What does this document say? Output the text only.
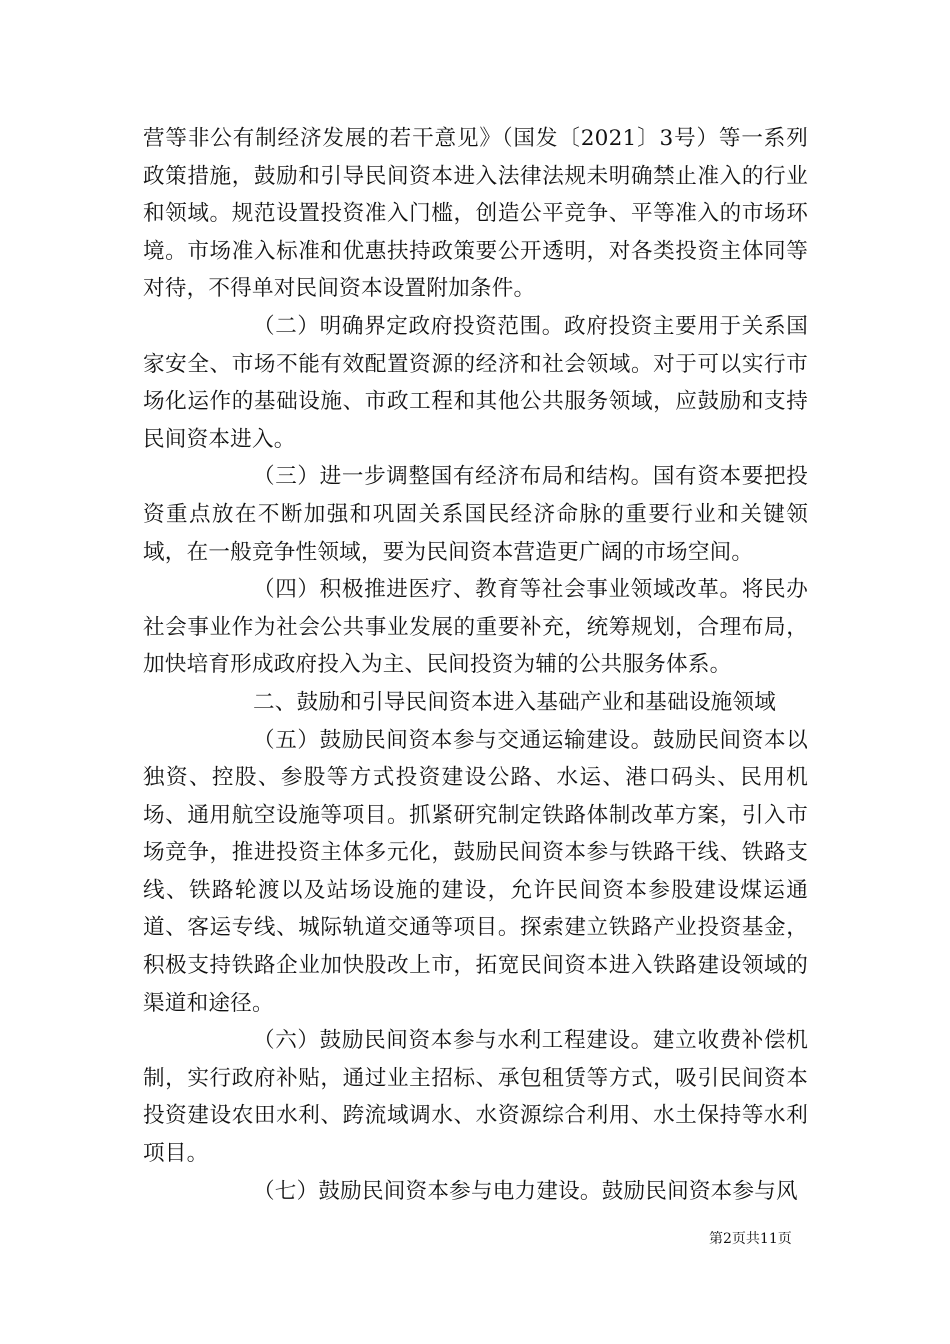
营等非公有制经济发展的若干意见》（国发〔2021〕3号）等一系列政策措施，鼓励和引导民间资本进入法律法规未明确禁止准入的行业和领域。规范设置投资准入门槛，创造公平竞争、平等准入的市场环境。市场准入标准和优惠扶持政策要公开透明，对各类投资主体同等对待，不得单对民间资本设置附加条件。

（二）明确界定政府投资范围。政府投资主要用于关系国家安全、市场不能有效配置资源的经济和社会领域。对于可以实行市场化运作的基础设施、市政工程和其他公共服务领域，应鼓励和支持民间资本进入。

（三）进一步调整国有经济布局和结构。国有资本要把投资重点放在不断加强和巩固关系国民经济命脉的重要行业和关键领域，在一般竞争性领域，要为民间资本营造更广阔的市场空间。

（四）积极推进医疗、教育等社会事业领域改革。将民办社会事业作为社会公共事业发展的重要补充，统筹规划，合理布局，加快培育形成政府投入为主、民间投资为辅的公共服务体系。

二、鼓励和引导民间资本进入基础产业和基础设施领域

（五）鼓励民间资本参与交通运输建设。鼓励民间资本以独资、控股、参股等方式投资建设公路、水运、港口码头、民用机场、通用航空设施等项目。抓紧研究制定铁路体制改革方案，引入市场竞争，推进投资主体多元化，鼓励民间资本参与铁路干线、铁路支线、铁路轮渡以及站场设施的建设，允许民间资本参股建设煤运通道、客运专线、城际轨道交通等项目。探索建立铁路产业投资基金，积极支持铁路企业加快股改上市，拓宽民间资本进入铁路建设领域的渠道和途径。

（六）鼓励民间资本参与水利工程建设。建立收费补偿机制，实行政府补贴，通过业主招标、承包租赁等方式，吸引民间资本投资建设农田水利、跨流域调水、水资源综合利用、水土保持等水利项目。

（七）鼓励民间资本参与电力建设。鼓励民间资本参与风

第2页共11页
